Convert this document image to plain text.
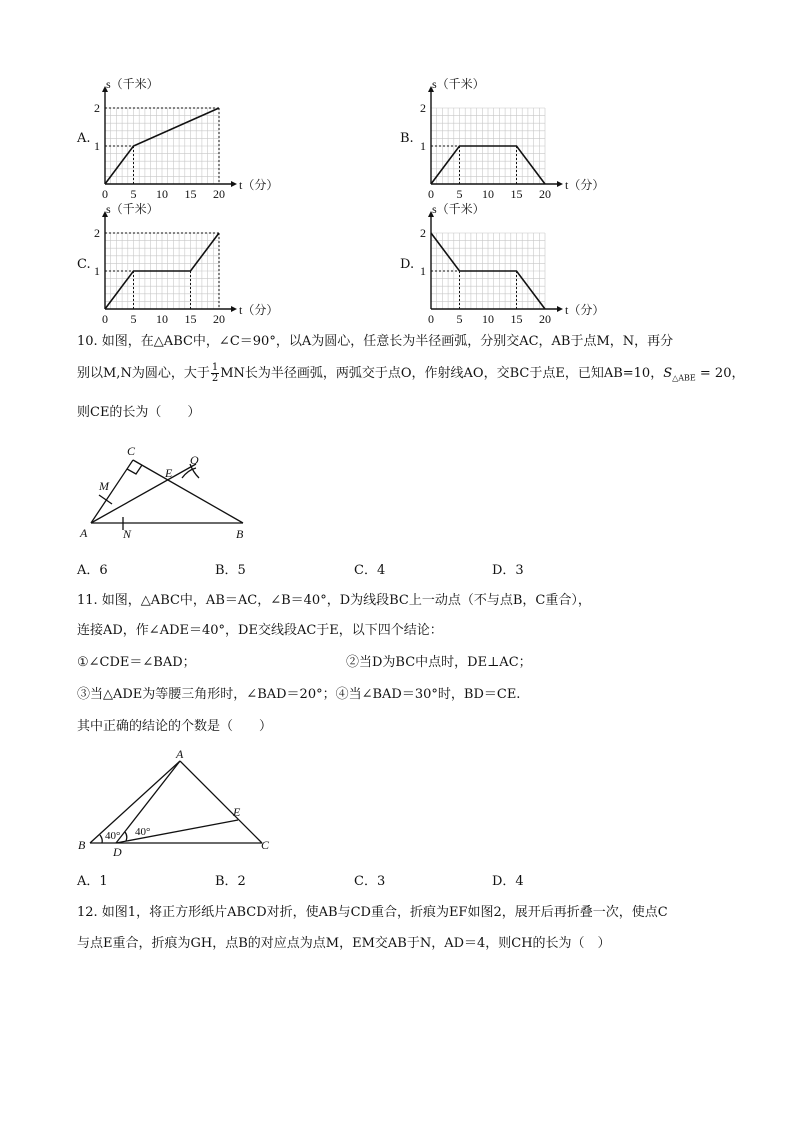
A.
0 5 10 15 20
1
2
s（千米）
t（分）
B.
0 5 10 15 20
1
2
s（千米）
t（分）
C.
0 5 10 15 20
1
2
s（千米）
t（分）
D.
0 5 10 15 20
1
2
s（千米）
t（分）
10. 如图，在△ABC中，∠C＝90°，以A为圆心，任意长为半径画弧，分别交AC，AB于点M，N，再分
别以M,N为圆心，大于 $\frac{1}{2}$ MN长为半径画弧，两弧交于点O，作射线AO，交BC于点E，已知AB=10，$S_{\triangle ABE} = 20$，
则CE的长为（　　）
C
E
O
M
A	N	B
A．6	B．5	C．4	D．3
11. 如图，△ABC中，AB＝AC，∠B＝40°，D为线段BC上一动点（不与点B，C重合），
连接AD，作∠ADE＝40°，DE交线段AC于E，以下四个结论：
①∠CDE＝∠BAD；	②当D为BC中点时，DE⊥AC；
③当△ADE为等腰三角形时，∠BAD＝20°；④当∠BAD＝30°时，BD＝CE.
其中正确的结论的个数是（　　）
A
E
B D	C
40° 40°
A．1	B．2	C．3	D．4
12. 如图1，将正方形纸片ABCD对折，使AB与CD重合，折痕为EF如图2，展开后再折叠一次，使点C
与点E重合，折痕为GH，点B的对应点为点M，EM交AB于N，AD＝4，则CH的长为（　）
